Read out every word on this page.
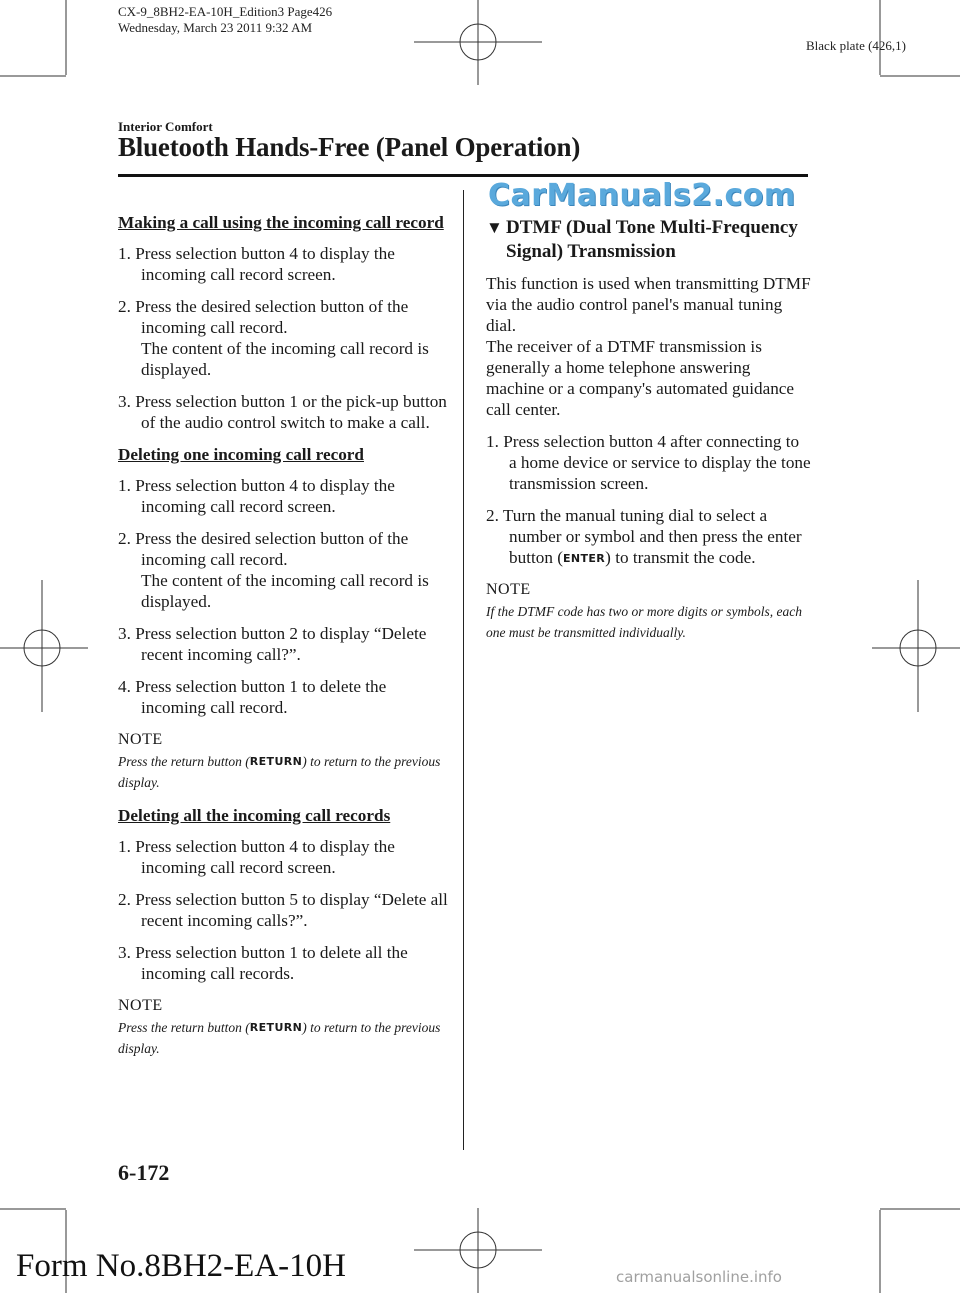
CX-9_8BH2-EA-10H_Edition3 Page426
Wednesday, March 23 2011 9:32 AM
Black plate (426,1)
Interior Comfort
Bluetooth Hands-Free (Panel Operation)
CarManuals2.com
Making a call using the incoming call record
1. Press selection button 4 to display the incoming call record screen.
2. Press the desired selection button of the incoming call record.
The content of the incoming call record is displayed.
3. Press selection button 1 or the pick-up button of the audio control switch to make a call.
Deleting one incoming call record
1. Press selection button 4 to display the incoming call record screen.
2. Press the desired selection button of the incoming call record.
The content of the incoming call record is displayed.
3. Press selection button 2 to display “Delete recent incoming call?”.
4. Press selection button 1 to delete the incoming call record.
NOTE
Press the return button (RETURN) to return to the previous display.
Deleting all the incoming call records
1. Press selection button 4 to display the incoming call record screen.
2. Press selection button 5 to display “Delete all recent incoming calls?”.
3. Press selection button 1 to delete all the incoming call records.
NOTE
Press the return button (RETURN) to return to the previous display.
▼ DTMF (Dual Tone Multi-Frequency Signal) Transmission
This function is used when transmitting DTMF via the audio control panel's manual tuning dial.
The receiver of a DTMF transmission is generally a home telephone answering machine or a company's automated guidance call center.
1. Press selection button 4 after connecting to a home device or service to display the tone transmission screen.
2. Turn the manual tuning dial to select a number or symbol and then press the enter button (ENTER) to transmit the code.
NOTE
If the DTMF code has two or more digits or symbols, each one must be transmitted individually.
6-172
Form No.8BH2-EA-10H	carmanualsonline.info
